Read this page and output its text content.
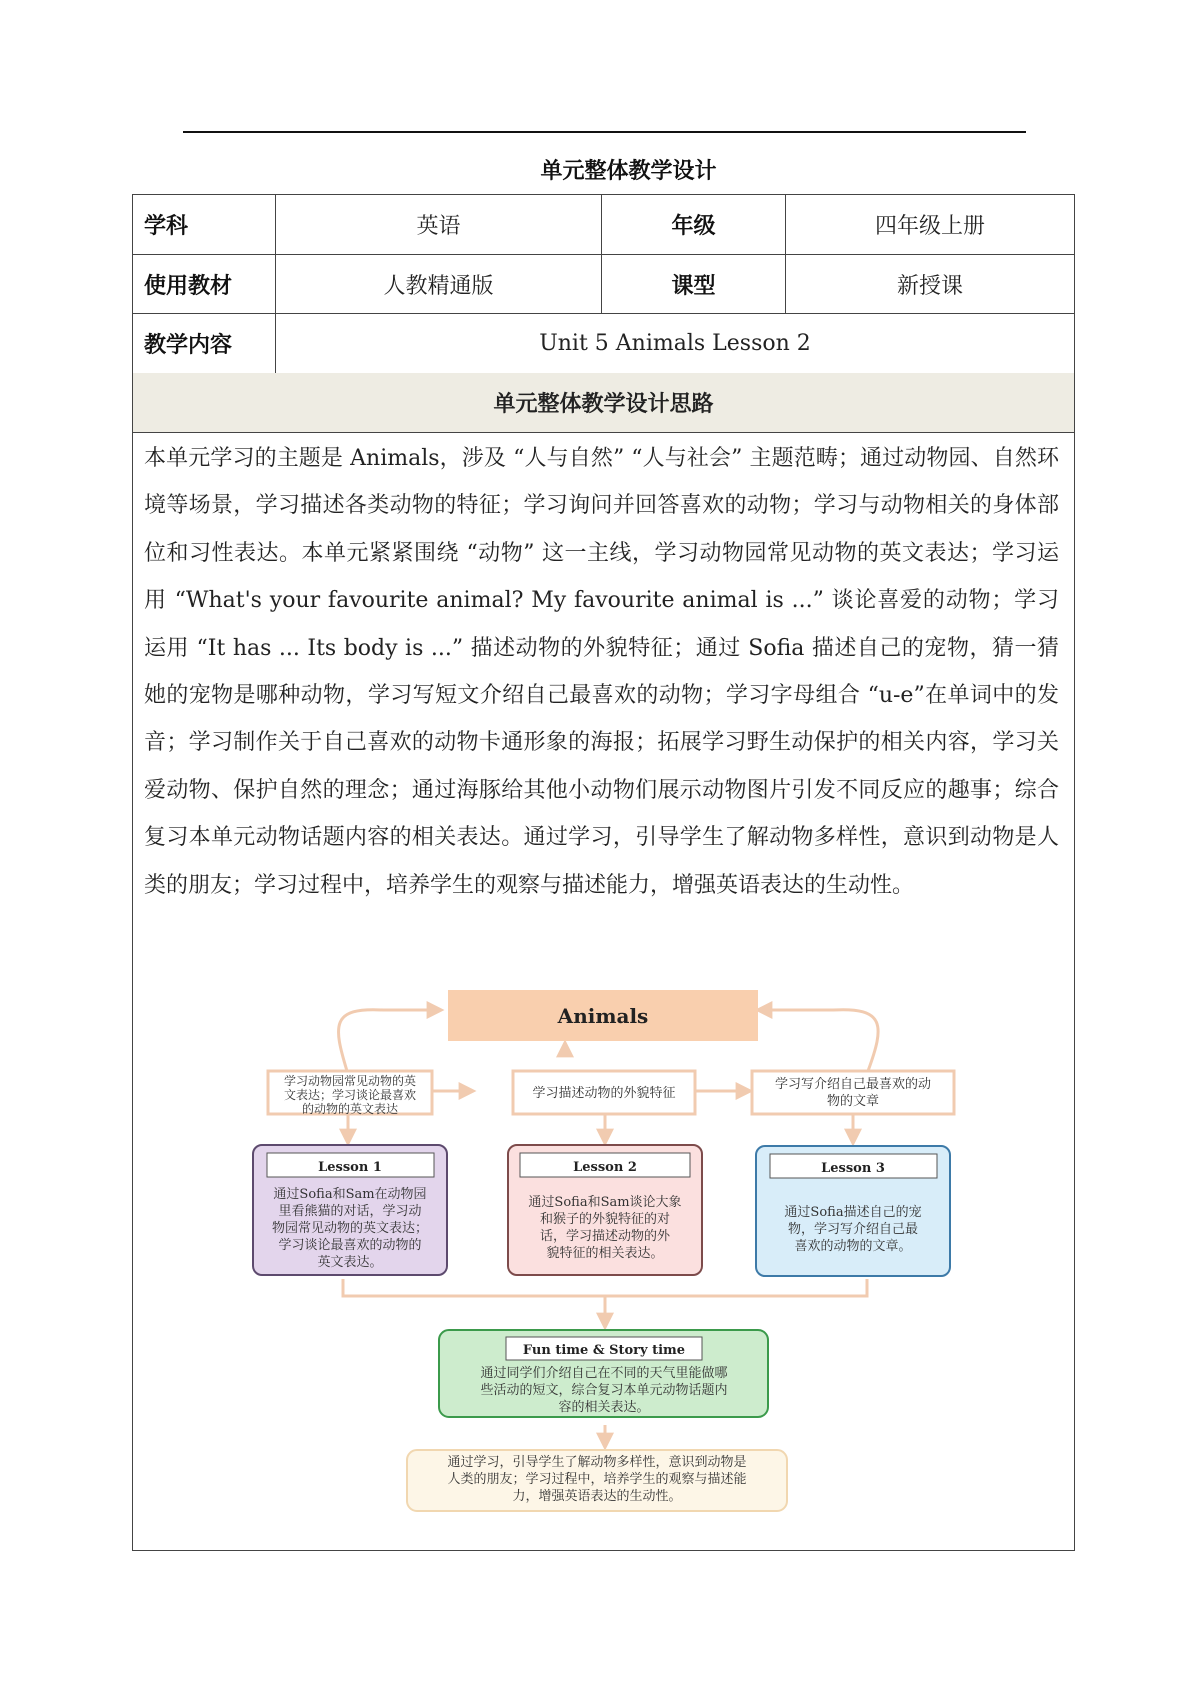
单元整体教学设计
学科	英语	年级	四年级上册
使用教材	人教精通版	课型	新授课
教学内容	Unit 5 Animals Lesson 2
单元整体教学设计思路
本单元学习的主题是 Animals，涉及 “人与自然” “人与社会” 主题范畴；通过动物园、自然环境等场景，学习描述各类动物的特征；学习询问并回答喜欢的动物；学习与动物相关的身体部位和习性表达。本单元紧紧围绕 “动物” 这一主线，学习动物园常见动物的英文表达；学习运用 “What's your favourite animal? My favourite animal is ...” 谈论喜爱的动物；学习运用 “It has ... Its body is ...” 描述动物的外貌特征；通过 Sofia 描述自己的宠物，猜一猜她的宠物是哪种动物，学习写短文介绍自己最喜欢的动物；学习字母组合 “u-e”在单词中的发音；学习制作关于自己喜欢的动物卡通形象的海报；拓展学习野生动保护的相关内容，学习关爱动物、保护自然的理念；通过海豚给其他小动物们展示动物图片引发不同反应的趣事；综合复习本单元动物话题内容的相关表达。通过学习，引导学生了解动物多样性，意识到动物是人类的朋友；学习过程中，培养学生的观察与描述能力，增强英语表达的生动性。
Animals
学习动物园常见动物的英
文表达；学习谈论最喜欢
的动物的英文表达
学习描述动物的外貌特征
学习写介绍自己最喜欢的动
物的文章
Lesson 1
通过Sofia和Sam在动物园
里看熊猫的对话，学习动
物园常见动物的英文表达；
学习谈论最喜欢的动物的
英文表达。
Lesson 2
通过Sofia和Sam谈论大象
和猴子的外貌特征的对
话，学习描述动物的外
貌特征的相关表达。
Lesson 3
通过Sofia描述自己的宠
物，学习写介绍自己最
喜欢的动物的文章。
Fun time & Story time
通过同学们介绍自己在不同的天气里能做哪
些活动的短文，综合复习本单元动物话题内
容的相关表达。
通过学习，引导学生了解动物多样性，意识到动物是
人类的朋友；学习过程中，培养学生的观察与描述能
力，增强英语表达的生动性。
